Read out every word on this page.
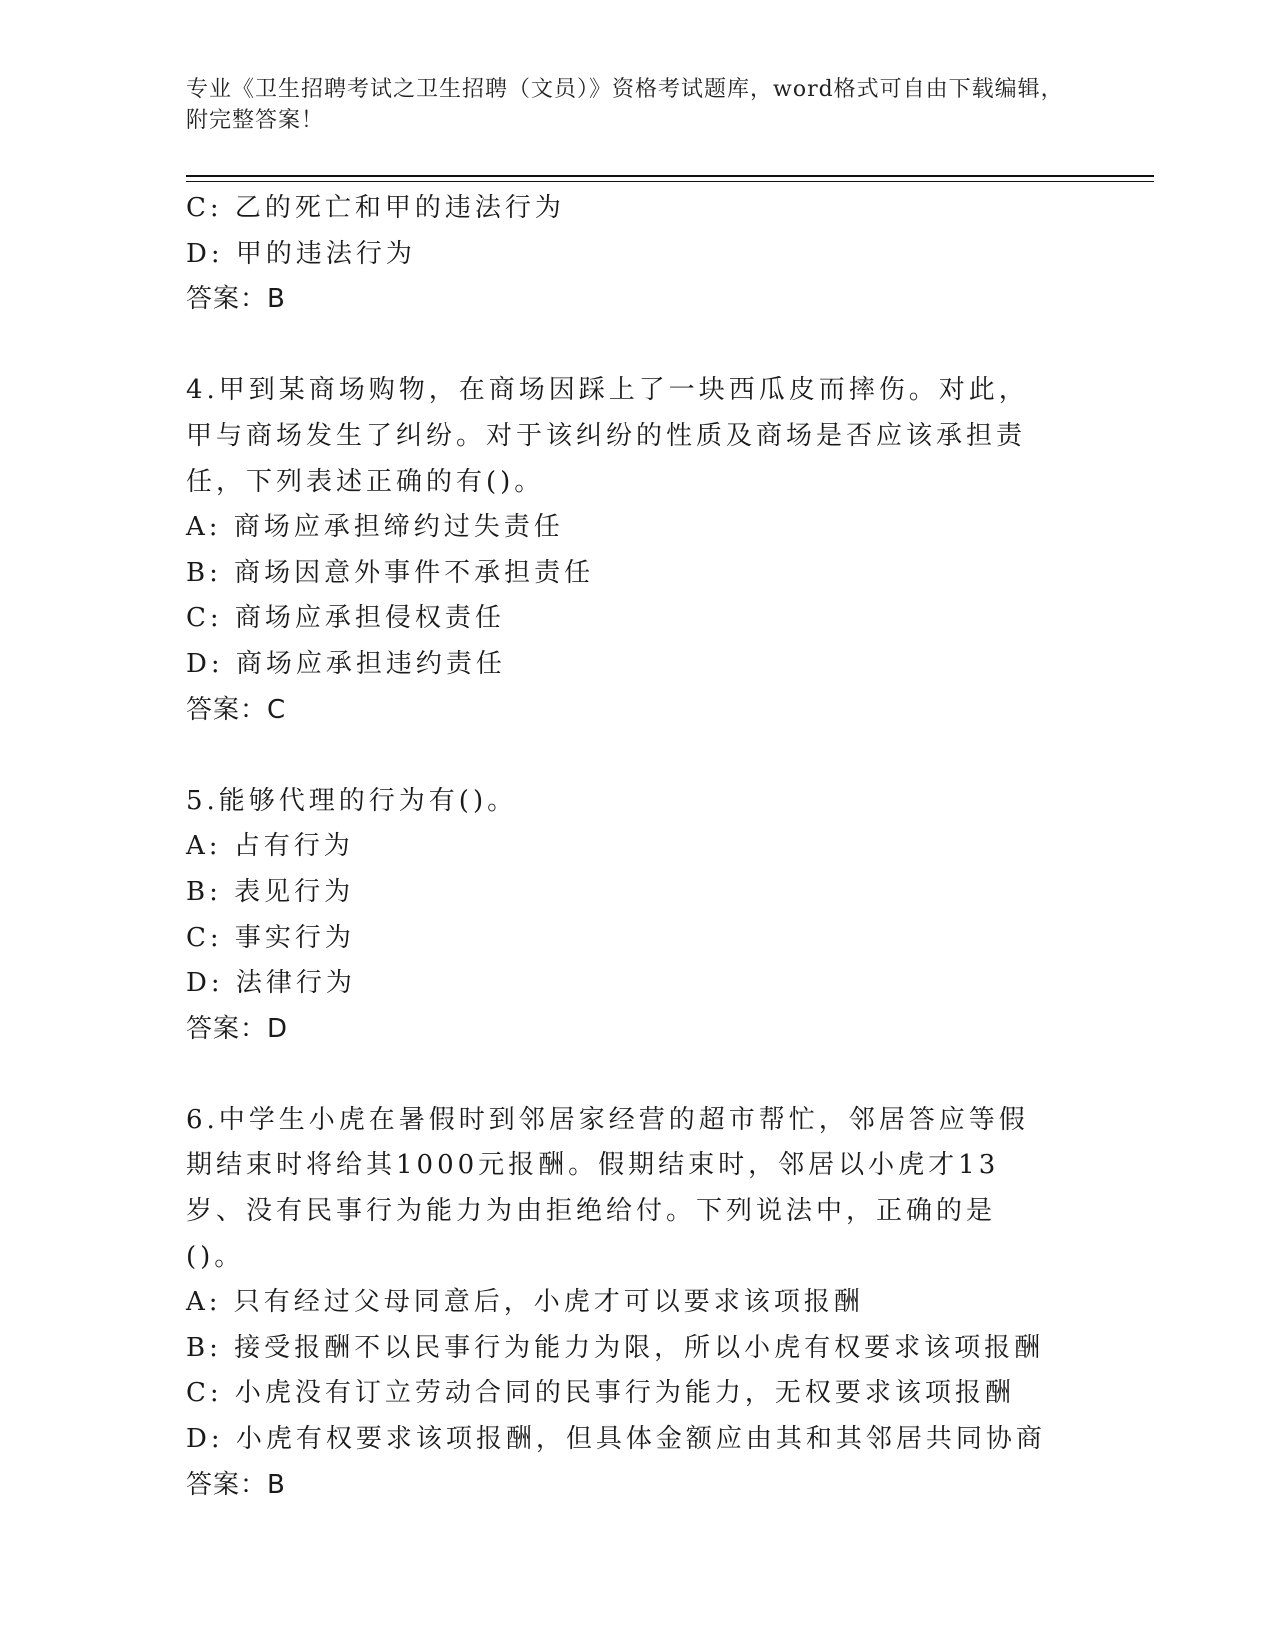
专业《卫生招聘考试之卫生招聘（文员）》资格考试题库，word格式可自由下载编辑，附完整答案！
C: 乙的死亡和甲的违法行为
D: 甲的违法行为
答案：B
4.甲到某商场购物，在商场因踩上了一块西瓜皮而摔伤。对此，甲与商场发生了纠纷。对于该纠纷的性质及商场是否应该承担责任，下列表述正确的有()。
A: 商场应承担缔约过失责任
B: 商场因意外事件不承担责任
C: 商场应承担侵权责任
D: 商场应承担违约责任
答案：C
5.能够代理的行为有()。
A: 占有行为
B: 表见行为
C: 事实行为
D: 法律行为
答案：D
6.中学生小虎在暑假时到邻居家经营的超市帮忙，邻居答应等假期结束时将给其1000元报酬。假期结束时，邻居以小虎才13岁、没有民事行为能力为由拒绝给付。下列说法中，正确的是()。
A: 只有经过父母同意后，小虎才可以要求该项报酬
B: 接受报酬不以民事行为能力为限，所以小虎有权要求该项报酬
C: 小虎没有订立劳动合同的民事行为能力，无权要求该项报酬
D: 小虎有权要求该项报酬，但具体金额应由其和其邻居共同协商
答案：B
